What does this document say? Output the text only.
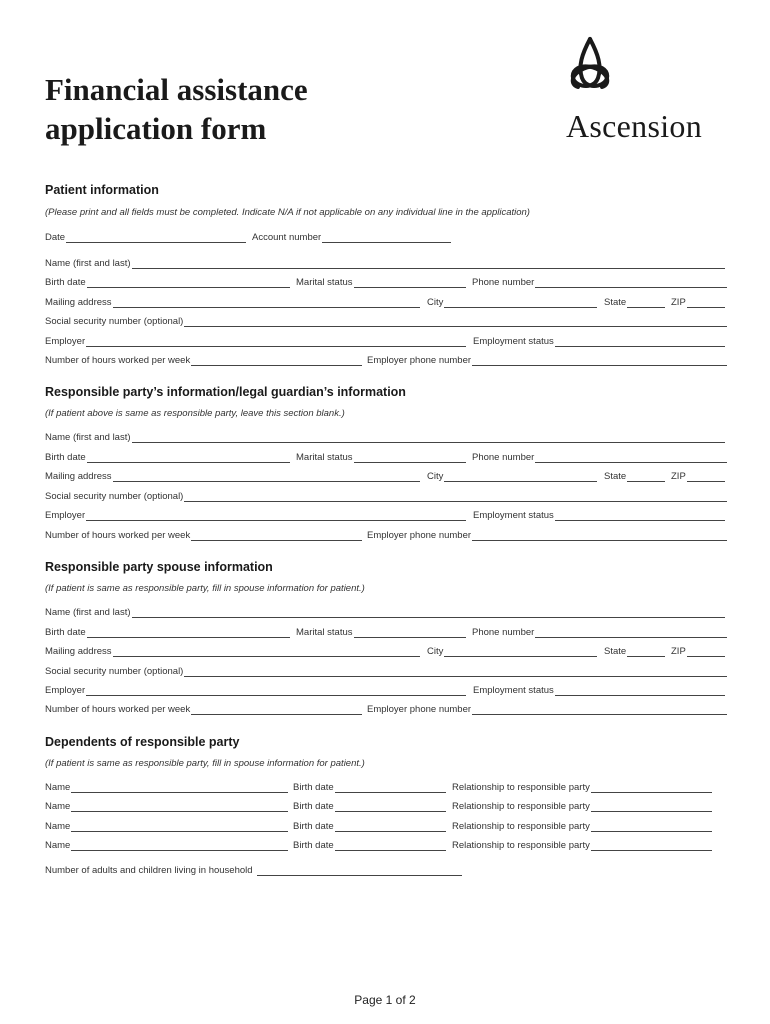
Financial assistance
application form	Ascension
Patient information
(Please print and all fields must be completed. Indicate N/A if not applicable on any individual line in the application)
Date	Account number
Name (first and last)
Birth date	Marital status	Phone number
Mailing address	City	State	ZIP
Social security number (optional)
Employer	Employment status
Number of hours worked per week	Employer phone number
Responsible party’s information/legal guardian’s information
(If patient above is same as responsible party, leave this section blank.)
Name (first and last)
Birth date	Marital status	Phone number
Mailing address	City	State	ZIP
Social security number (optional)
Employer	Employment status
Number of hours worked per week	Employer phone number
Responsible party spouse information
(If patient is same as responsible party, fill in spouse information for patient.)
Name (first and last)
Birth date	Marital status	Phone number
Mailing address	City	State	ZIP
Social security number (optional)
Employer	Employment status
Number of hours worked per week	Employer phone number
Dependents of responsible party
(If patient is same as responsible party, fill in spouse information for patient.)
Name	Birth date	Relationship to responsible party
Name	Birth date	Relationship to responsible party
Name	Birth date	Relationship to responsible party
Name	Birth date	Relationship to responsible party
Number of adults and children living in household
Page 1 of 2
